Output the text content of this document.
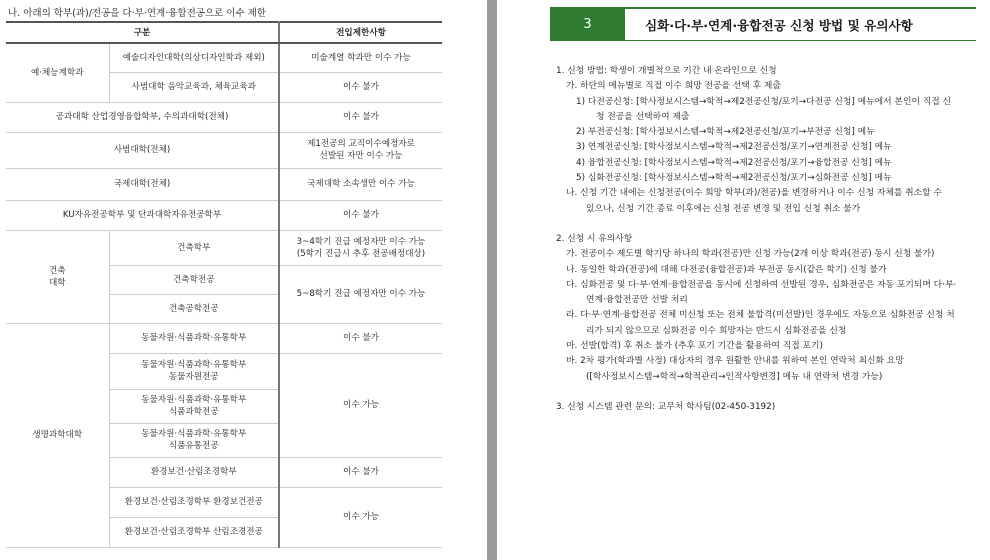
나. 아래의 학부(과)/전공을 다·부·연계·융합전공으로 이수 제한
구분		전입제한사항
예·체능계학과	예술디자인대학(의상디자인학과 제외)	미술계열 학과만 이수 가능
	사범대학 음악교육과, 체육교육과	이수 불가
공과대학 산업경영융합학부, 수의과대학(전체)		이수 불가
사범대학(전체)		제1전공의 교직이수예정자로
선발된 자만 이수 가능
국제대학(전체)		국제대학 소속생만 이수 가능
KU자유전공학부 및 단과대학자유전공학부		이수 불가
건축
대학	건축학부	3~4학기 진급 예정자만 이수 가능
(5학기 진급시 추후 전공배정대상)
	건축학전공	5~8학기 진급 예정자만 이수 가능
	건축공학전공	
생명과학대학	동물자원·식품과학·유통학부	이수 불가
	동물자원·식품과학·유통학부
동물자원전공	이수 가능
	동물자원·식품과학·유통학부
식품과학전공	
	동물자원·식품과학·유통학부
식품유통전공	
	환경보건·산림조경학부	이수 불가
	환경보건·산림조경학부 환경보건전공	이수 가능
	환경보건·산림조경학부 산림조경전공	
3	심화·다·부·연계·융합전공 신청 방법 및 유의사항

1. 신청 방법: 학생이 개별적으로 기간 내 온라인으로 신청

가. 하단의 메뉴별로 직접 이수 희망 전공을 선택 후 제출

1) 다전공신청: [학사정보시스템→학적→제2전공신청/포기→다전공 신청] 메뉴에서 본인이 직접 신

청 전공을 선택하여 제출

2) 부전공신청: [학사정보시스템→학적→제2전공신청/포기→부전공 신청] 메뉴

3) 연계전공신청: [학사정보시스템→학적→제2전공신청/포기→연계전공 신청] 메뉴

4) 융합전공신청: [학사정보시스템→학적→제2전공신청/포기→융합전공 신청] 메뉴

5) 심화전공신청: [학사정보시스템→학적→제2전공신청/포기→심화전공 신청] 메뉴

나. 신청 기간 내에는 신청전공(이수 희망 학부(과)/전공)을 변경하거나 이수 신청 자체를 취소할 수

있으나, 신청 기간 종료 이후에는 신청 전공 변경 및 전입 신청 취소 불가

2. 신청 시 유의사항

가. 전공이수 제도별 학기당 하나의 학과(전공)만 신청 가능(2개 이상 학과(전공) 동시 신청 불가)

나. 동일한 학과(전공)에 대해 다전공(융합전공)과 부전공 동시(같은 학기) 신청 불가

다. 심화전공 및 다·부·연계·융합전공을 동시에 신청하여 선발된 경우, 심화전공은 자동 포기되며 다·부·

연계·융합전공만 선발 처리

라. 다·부·연계·융합전공 전체 미신청 또는 전체 불합격(미선발)인 경우에도 자동으로 심화전공 신청 처

리가 되지 않으므로 심화전공 이수 희망자는 반드시 심화전공을 신청

마. 선발(합격) 후 취소 불가 (추후 포기 기간을 활용하여 직접 포기)

바. 2차 평가(학과별 사정) 대상자의 경우 원활한 안내를 위하여 본인 연락처 최신화 요망

([학사정보시스템→학적→학적관리→인적사항변경] 메뉴 내 연락처 변경 가능)

3. 신청 시스템 관련 문의: 교무처 학사팀(02-450-3192)
